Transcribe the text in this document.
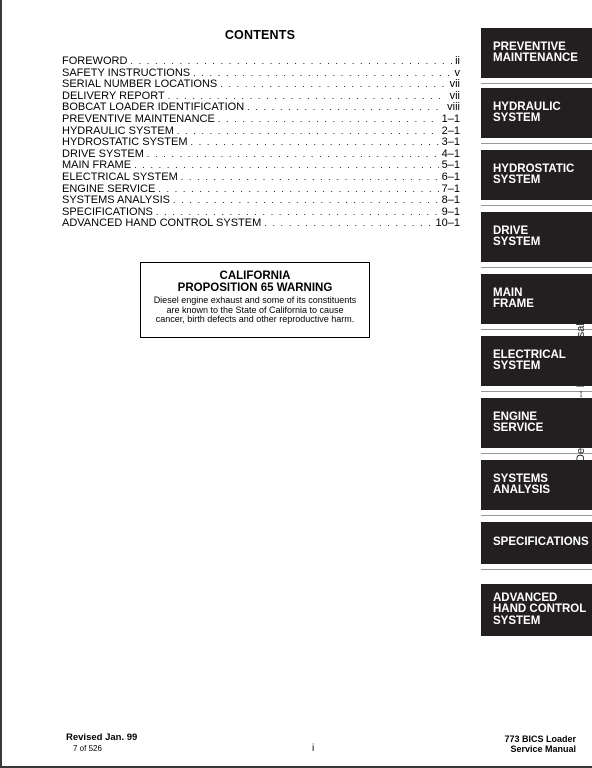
CONTENTS
FOREWORD . . .	ii
SAFETY INSTRUCTIONS . . .	v
SERIAL NUMBER LOCATIONS . . .	vii
DELIVERY REPORT . . .	vii
BOBCAT LOADER IDENTIFICATION . . .	viii
PREVENTIVE MAINTENANCE . . .	1–1
HYDRAULIC SYSTEM . . .	2–1
HYDROSTATIC SYSTEM . . .	3–1
DRIVE SYSTEM . . .	4–1
MAIN FRAME . . .	5–1
ELECTRICAL SYSTEM . . .	6–1
ENGINE SERVICE . . .	7–1
SYSTEMS ANALYSIS . . .	8–1
SPECIFICATIONS . . .	9–1
ADVANCED HAND CONTROL SYSTEM . . .	10–1
CALIFORNIA
PROPOSITION 65 WARNING
Diesel engine exhaust and some of its constituents are known to the State of California to cause cancer, birth defects and other reproductive harm.
PREVENTIVE
MAINTENANCE
HYDRAULIC
SYSTEM
HYDROSTATIC
SYSTEM
DRIVE
SYSTEM
MAIN
FRAME
ELECTRICAL
SYSTEM
ENGINE
SERVICE
SYSTEMS
ANALYSIS
SPECIFICATIONS
ADVANCED
HAND CONTROL
SYSTEM
Dealer Copy -- Not for Resale
Revised Jan. 99
7 of 526	i
773 BICS Loader
Service Manual
